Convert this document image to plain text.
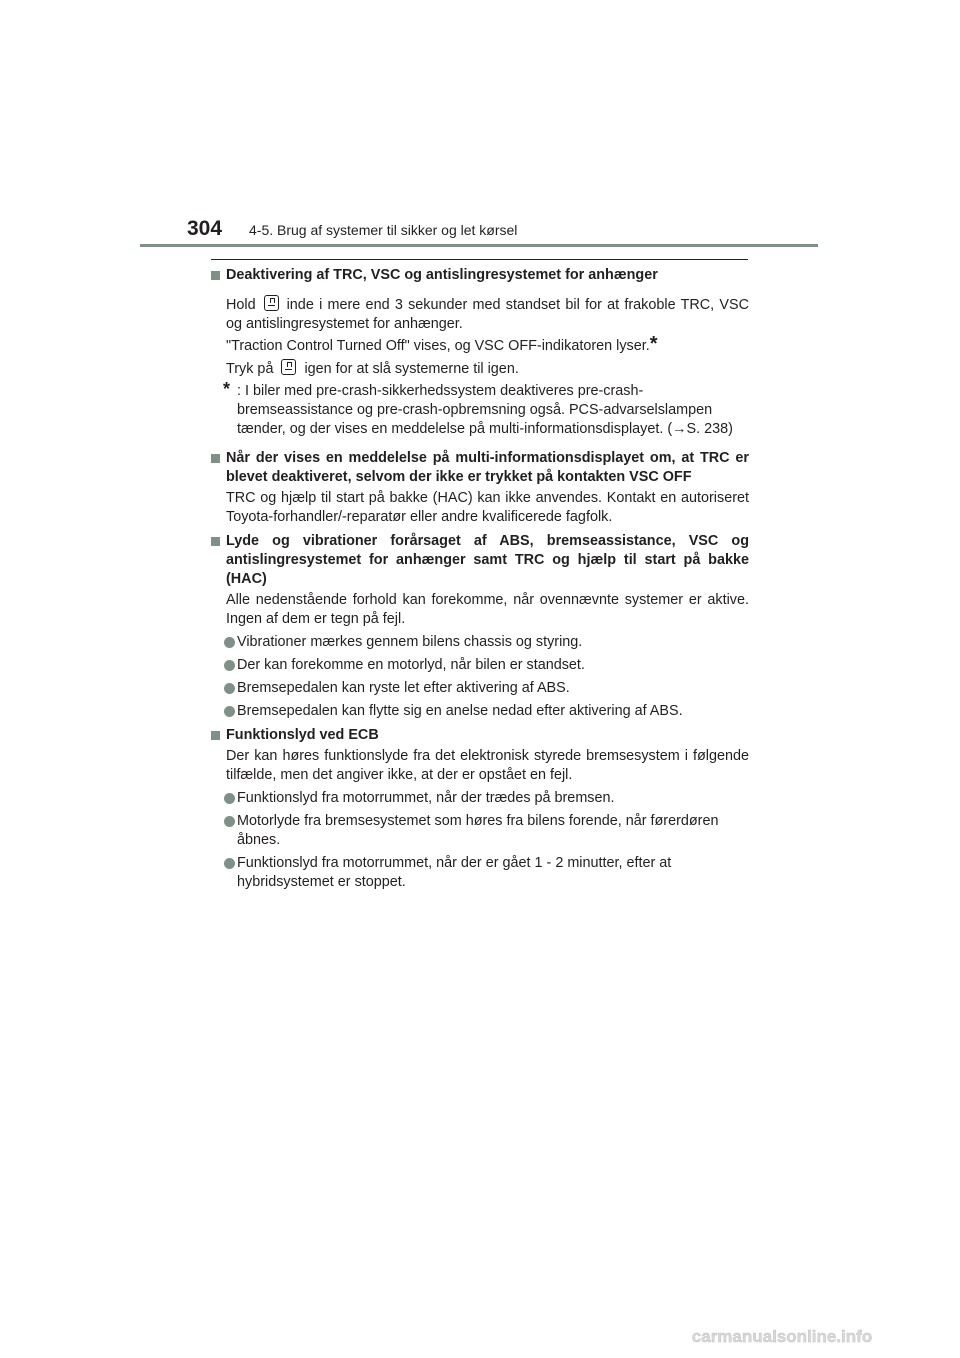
304 4-5. Brug af systemer til sikker og let kørsel
Deaktivering af TRC, VSC og antislingresystemet for anhænger
Hold inde i mere end 3 sekunder med standset bil for at frakoble TRC, VSC og antislingresystemet for anhænger.
"Traction Control Turned Off" vises, og VSC OFF-indikatoren lyser.*
Tryk på igen for at slå systemerne til igen.
* : I biler med pre-crash-sikkerhedssystem deaktiveres pre-crash-bremseassistance og pre-crash-opbremsning også. PCS-advarselslampen tænder, og der vises en meddelelse på multi-informationsdisplayet. (→S. 238)
Når der vises en meddelelse på multi-informationsdisplayet om, at TRC er blevet deaktiveret, selvom der ikke er trykket på kontakten VSC OFF
TRC og hjælp til start på bakke (HAC) kan ikke anvendes. Kontakt en autoriseret Toyota-forhandler/-reparatør eller andre kvalificerede fagfolk.
Lyde og vibrationer forårsaget af ABS, bremseassistance, VSC og antislingresystemet for anhænger samt TRC og hjælp til start på bakke (HAC)
Alle nedenstående forhold kan forekomme, når ovennævnte systemer er aktive. Ingen af dem er tegn på fejl.
Vibrationer mærkes gennem bilens chassis og styring.
Der kan forekomme en motorlyd, når bilen er standset.
Bremsepedalen kan ryste let efter aktivering af ABS.
Bremsepedalen kan flytte sig en anelse nedad efter aktivering af ABS.
Funktionslyd ved ECB
Der kan høres funktionslyde fra det elektronisk styrede bremsesystem i følgende tilfælde, men det angiver ikke, at der er opstået en fejl.
Funktionslyd fra motorrummet, når der trædes på bremsen.
Motorlyde fra bremsesystemet som høres fra bilens forende, når førerdøren åbnes.
Funktionslyd fra motorrummet, når der er gået 1 - 2 minutter, efter at hybridsystemet er stoppet.
carmanualsonline.info
